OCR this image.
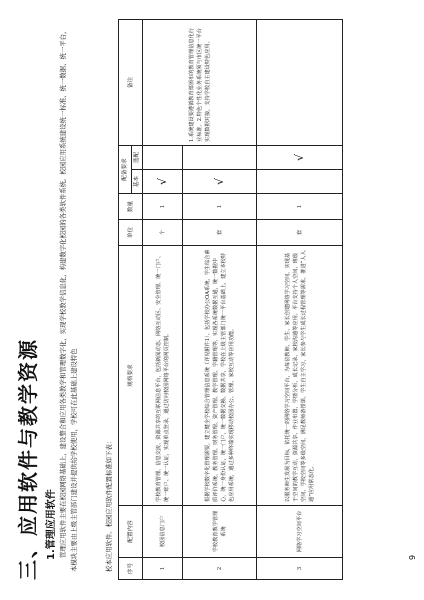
9
三、应用软件与教学资源 1.管理应用软件 管理应用软件主要在校园网络基础上，建设整合和应用各类教学和管理数字化，实现学校教学信息化，构建数字化校园的各类软件系统。校园应用系统建设统一标准、统一数据、统一平台，本模块主要由上级主管部门建设并提供给学校使用，学校可在此基础上建设特色	校本应用软件。校园应用软件配置标准如下表：	序号	配置内容	规格要求	单位	数量	配备要求		备注
					基本	选配	
1	校园信息门户	学校教育管理、信息交流、资源共享的互联网信息平台，包括新闻动态、网络互动区、安全管理、统一门户、统一账户、统一认证，实现单点登录，通过访问校园网络平台的网页控制。	个	1	√		1.系统建设要遵循教育部颁布的教育管理信息化行业标准。2.特色个性化业务系统须与市区统一平台实现数据对接，支持学校自主建设特色应用。
2	学校教育教学管理系统	根据学校数字化管理需要，建立健全学校综合管理信息系统（详见附件1）。包括学校办公OA系统、学生综合素质评价系统、教务管理、财务管理、资产管理、教学管理、学籍管理等，实现各系统数据互通，统一数据中心，统一身份认证，统一门户，统一数据交换、数据共享，学校在上级主管部门统一平台基础上，建立本校特色应用系统，通过多种终端实现移动校园办公、管理、家校互动等应用功能。	套	1	√		
3	网络学习空间平台	以服务师生发展为目标，依托统一的网络学习空间平台，为每位教师、学生、家长创建网络学习空间，实现基于空间的教学互动、资源共享、作业布置、学情分析、成长记录、家校沟通等应用。平台支持个人空间、班级空间、学校空间等多级空间，满足教师备授课、学生自主学习、家长参与学生成长过程管理等需求，推进“人人通”应用常态化。	套	1		√	
